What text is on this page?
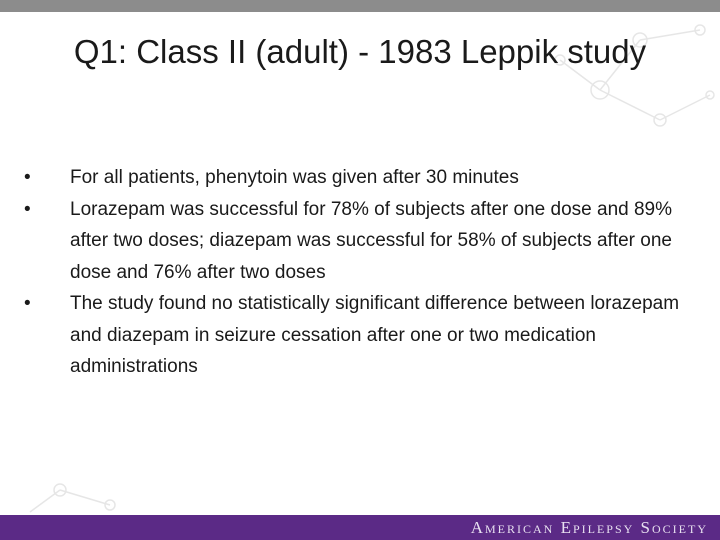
Q1: Class II (adult) - 1983 Leppik study
•	For all patients, phenytoin was given after 30 minutes
•	Lorazepam was successful for 78% of subjects after one dose and 89% after two doses; diazepam was successful for 58% of subjects after one dose and 76% after two doses
•	The study found no statistically significant difference between lorazepam and diazepam in seizure cessation after one or two medication administrations
American Epilepsy Society
